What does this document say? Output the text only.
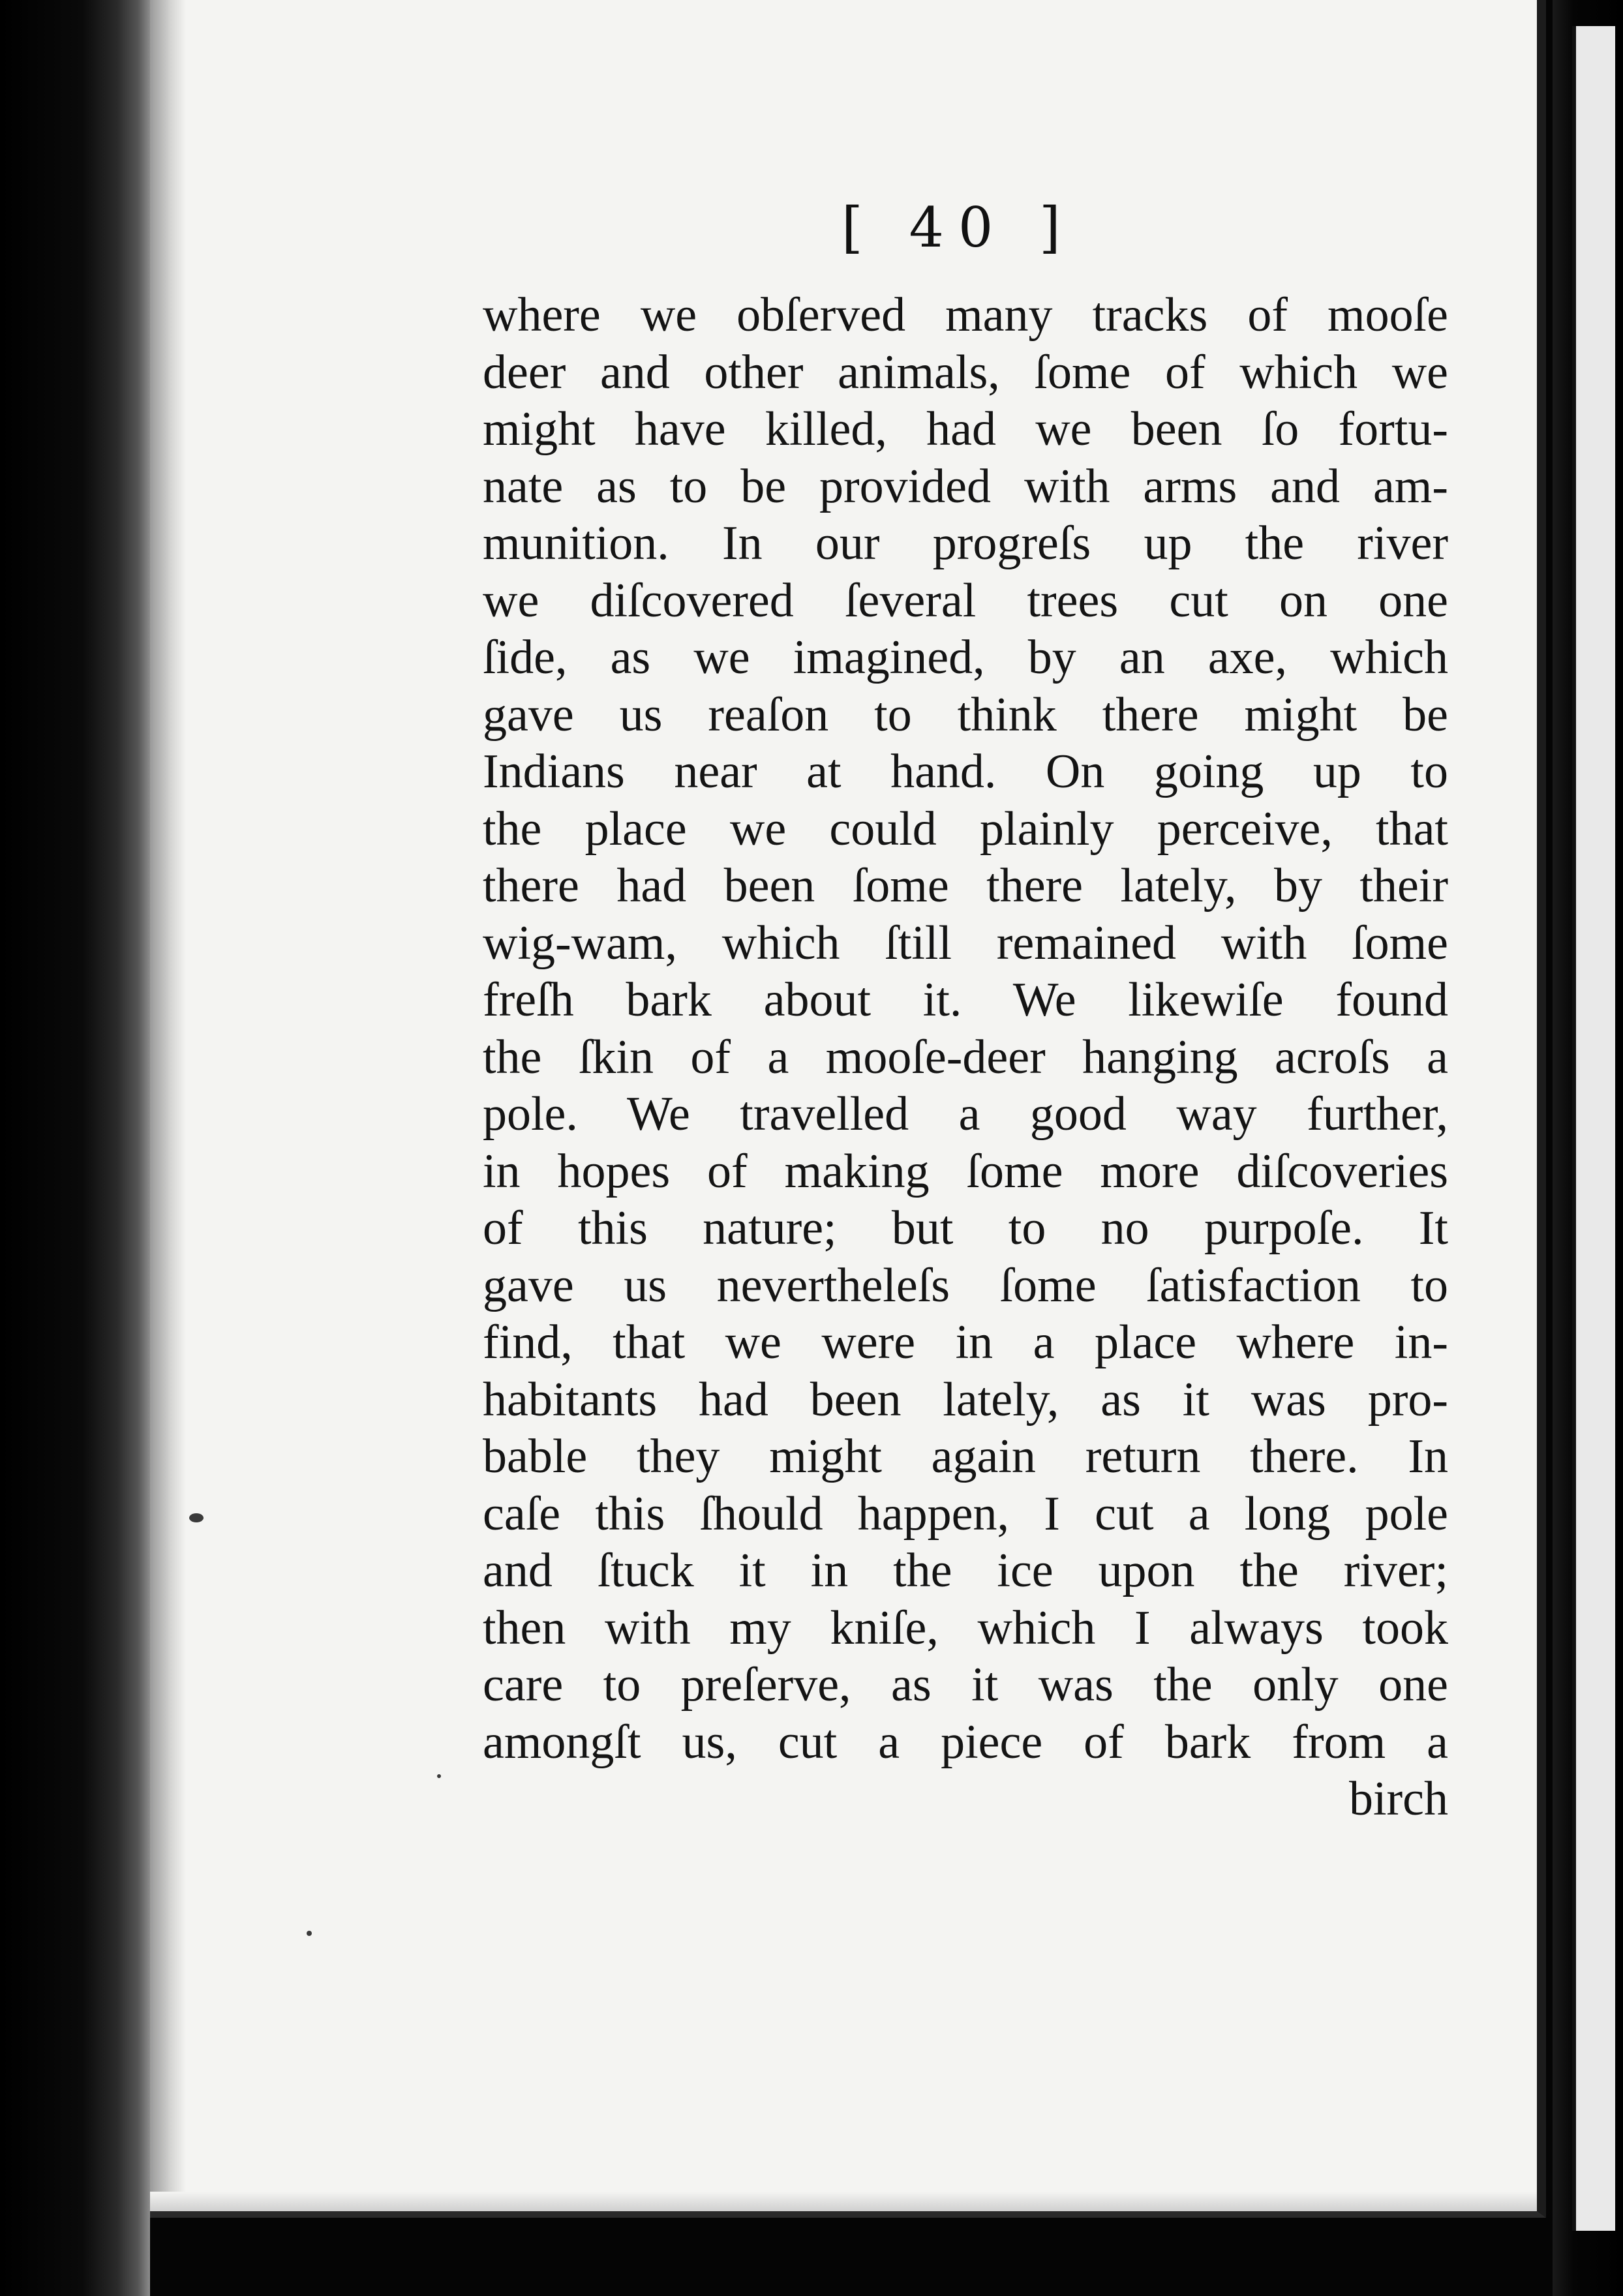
[ 40 ]
where we obſerved many tracks of mooſe
deer and other animals, ſome of which we
might have killed, had we been ſo fortu-
nate as to be provided with arms and am-
munition. In our progreſs up the river
we diſcovered ſeveral trees cut on one
ſide, as we imagined, by an axe, which
gave us reaſon to think there might be
Indians near at hand. On going up to
the place we could plainly perceive, that
there had been ſome there lately, by their
wig-wam, which ſtill remained with ſome
freſh bark about it. We likewiſe found
the ſkin of a mooſe-deer hanging acroſs a
pole. We travelled a good way further,
in hopes of making ſome more diſcoveries
of this nature; but to no purpoſe. It
gave us nevertheleſs ſome ſatisfaction to
find, that we were in a place where in-
habitants had been lately, as it was pro-
bable they might again return there. In
caſe this ſhould happen, I cut a long pole
and ſtuck it in the ice upon the river;
then with my kniſe, which I always took
care to preſerve, as it was the only one
amongſt us, cut a piece of bark from a
birch
